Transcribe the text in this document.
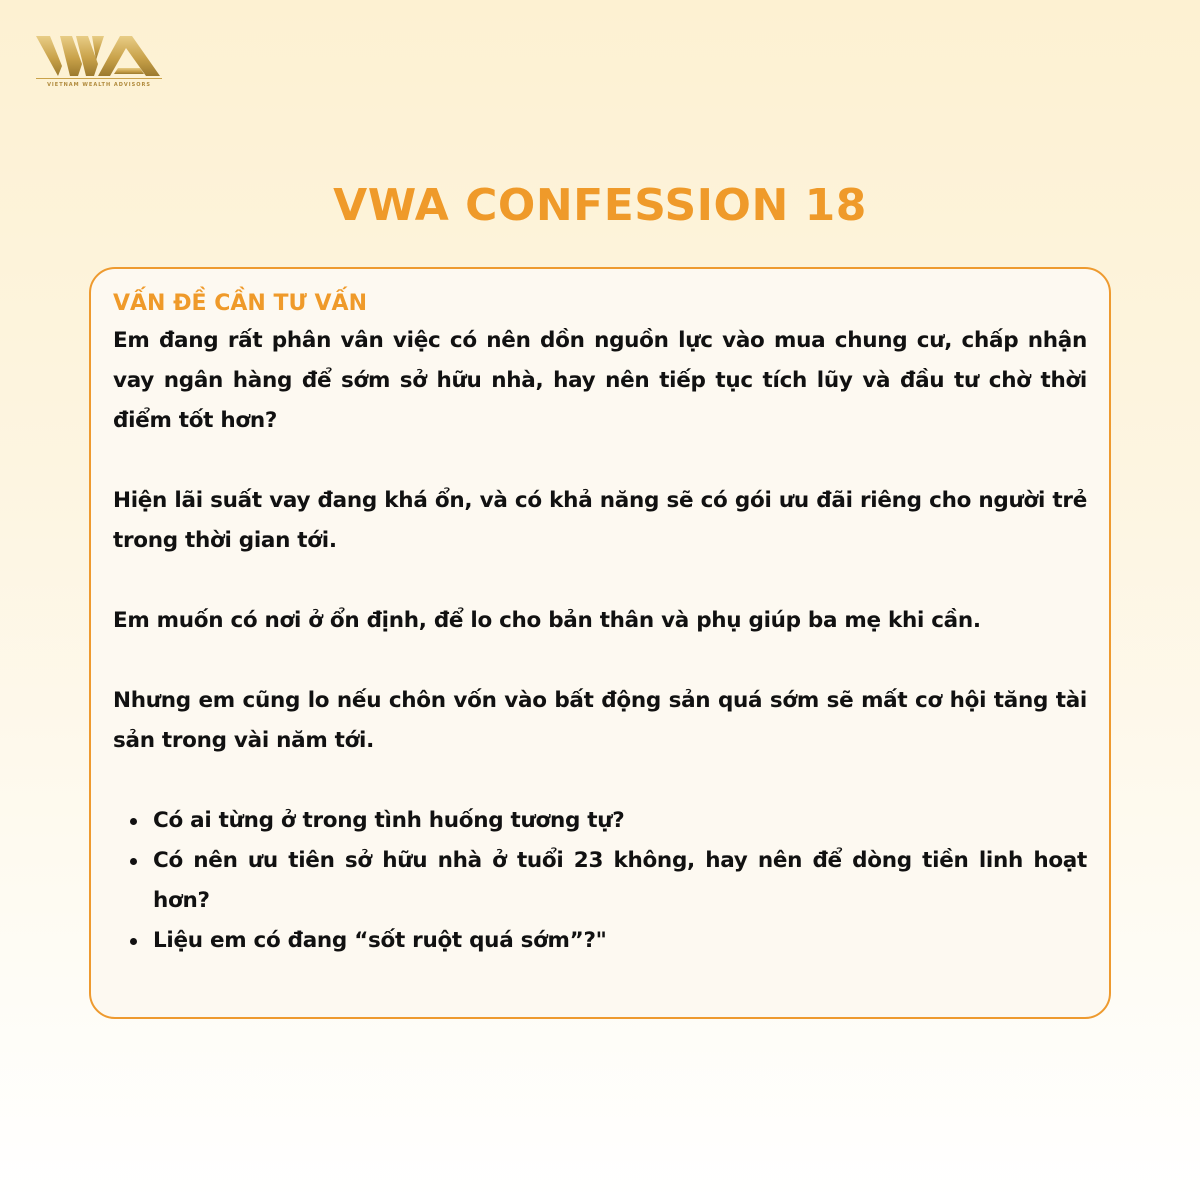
VIETNAM WEALTH ADVISORS
VWA CONFESSION 18
VẤN ĐỀ CẦN TƯ VẤN

Em đang rất phân vân việc có nên dồn nguồn lực vào mua chung cư, chấp nhận vay ngân hàng để sớm sở hữu nhà, hay nên tiếp tục tích lũy và đầu tư chờ thời điểm tốt hơn?

Hiện lãi suất vay đang khá ổn, và có khả năng sẽ có gói ưu đãi riêng cho người trẻ trong thời gian tới.

Em muốn có nơi ở ổn định, để lo cho bản thân và phụ giúp ba mẹ khi cần.

Nhưng em cũng lo nếu chôn vốn vào bất động sản quá sớm sẽ mất cơ hội tăng tài sản trong vài năm tới.

Có ai từng ở trong tình huống tương tự?
Có nên ưu tiên sở hữu nhà ở tuổi 23 không, hay nên để dòng tiền linh hoạt hơn?
Liệu em có đang “sốt ruột quá sớm”?"
